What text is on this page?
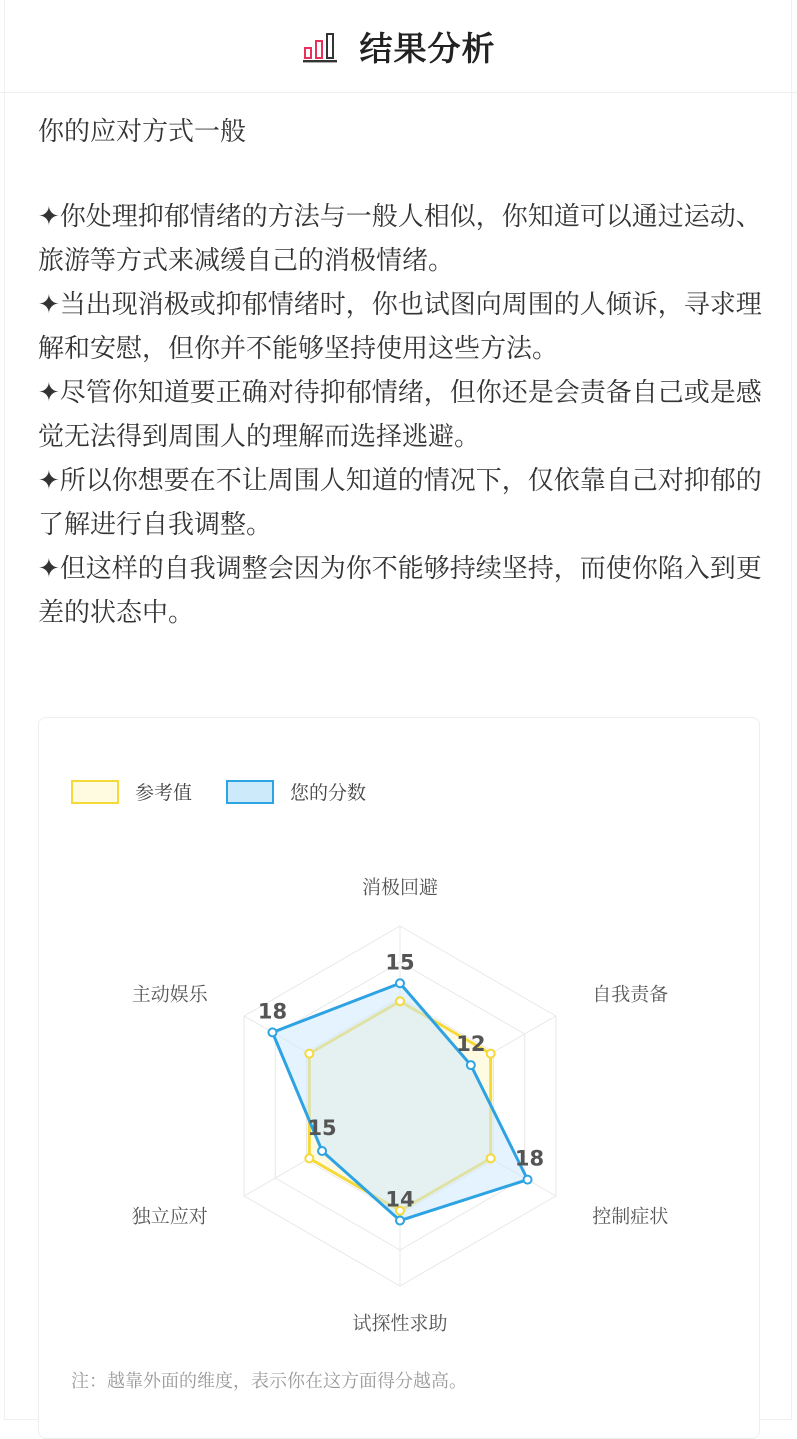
结果分析
你的应对方式一般
✦你处理抑郁情绪的方法与一般人相似，你知道可以通过运动、旅游等方式来减缓自己的消极情绪。
✦当出现消极或抑郁情绪时，你也试图向周围的人倾诉，寻求理解和安慰，但你并不能够坚持使用这些方法。
✦尽管你知道要正确对待抑郁情绪，但你还是会责备自己或是感觉无法得到周围人的理解而选择逃避。
✦所以你想要在不让周围人知道的情况下，仅依靠自己对抑郁的了解进行自我调整。
✦但这样的自我调整会因为你不能够持续坚持，而使你陷入到更差的状态中。
参考值	您的分数
15
12
18
14
15
18
消极回避
自我责备
控制症状
试探性求助
独立应对
主动娱乐
注：越靠外面的维度，表示你在这方面得分越高。
